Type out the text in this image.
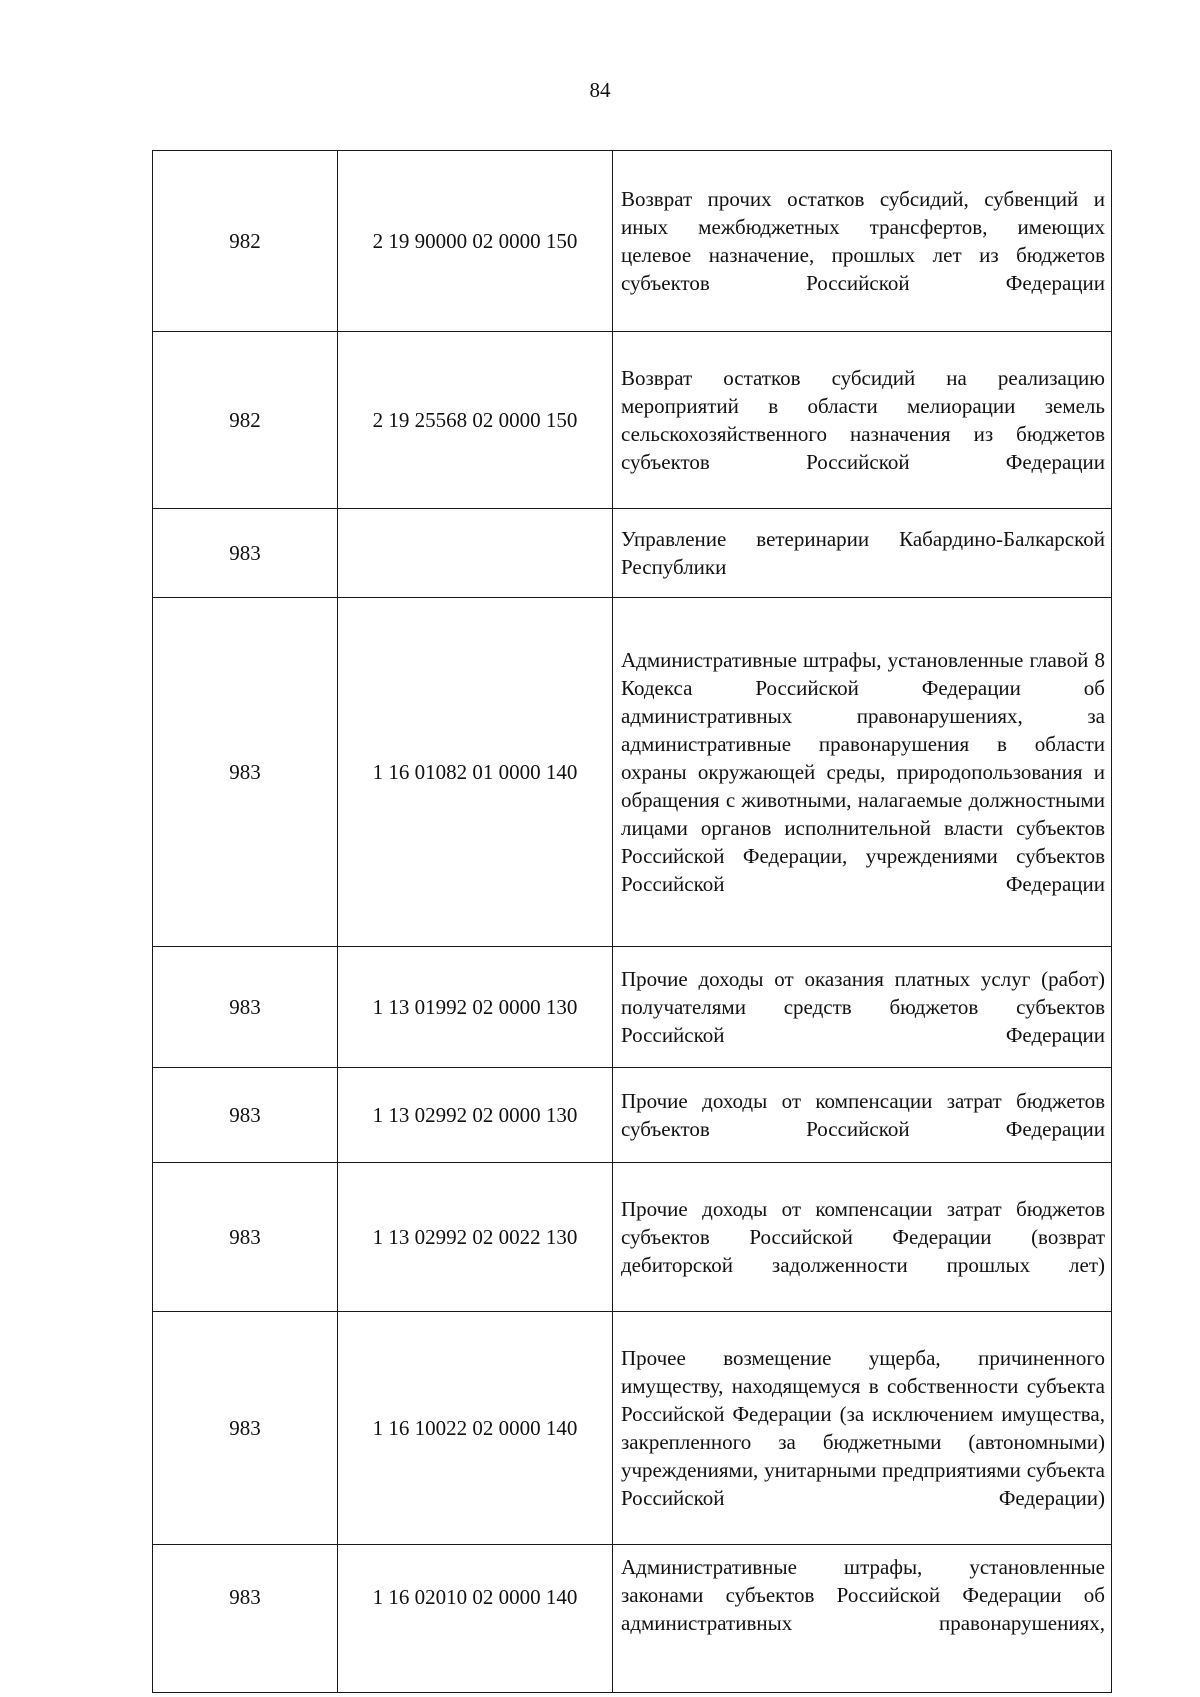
84
982	2 19 90000 02 0000 150	Возврат прочих остатков субсидий, субвенций и иных межбюджетных трансфертов, имеющих целевое назначение, прошлых лет из бюджетов субъектов Российской Федерации
982	2 19 25568 02 0000 150	Возврат остатков субсидий на реализацию мероприятий в области мелиорации земель сельскохозяйственного назначения из бюджетов субъектов Российской Федерации
983		Управление ветеринарии Кабардино-Балкарской Республики
983	1 16 01082 01 0000 140	Административные штрафы, установленные главой 8 Кодекса Российской Федерации об административных правонарушениях, за административные правонарушения в области охраны окружающей среды, природопользования и обращения с животными, налагаемые должностными лицами органов исполнительной власти субъектов Российской Федерации, учреждениями субъектов Российской Федерации
983	1 13 01992 02 0000 130	Прочие доходы от оказания платных услуг (работ) получателями средств бюджетов субъектов Российской Федерации
983	1 13 02992 02 0000 130	Прочие доходы от компенсации затрат бюджетов субъектов Российской Федерации
983	1 13 02992 02 0022 130	Прочие доходы от компенсации затрат бюджетов субъектов Российской Федерации (возврат дебиторской задолженности прошлых лет)
983	1 16 10022 02 0000 140	Прочее возмещение ущерба, причиненного имуществу, находящемуся в собственности субъекта Российской Федерации (за исключением имущества, закрепленного за бюджетными (автономными) учреждениями, унитарными предприятиями субъекта Российской Федерации)
983	1 16 02010 02 0000 140	Административные штрафы, установленные законами субъектов Российской Федерации об административных правонарушениях,
